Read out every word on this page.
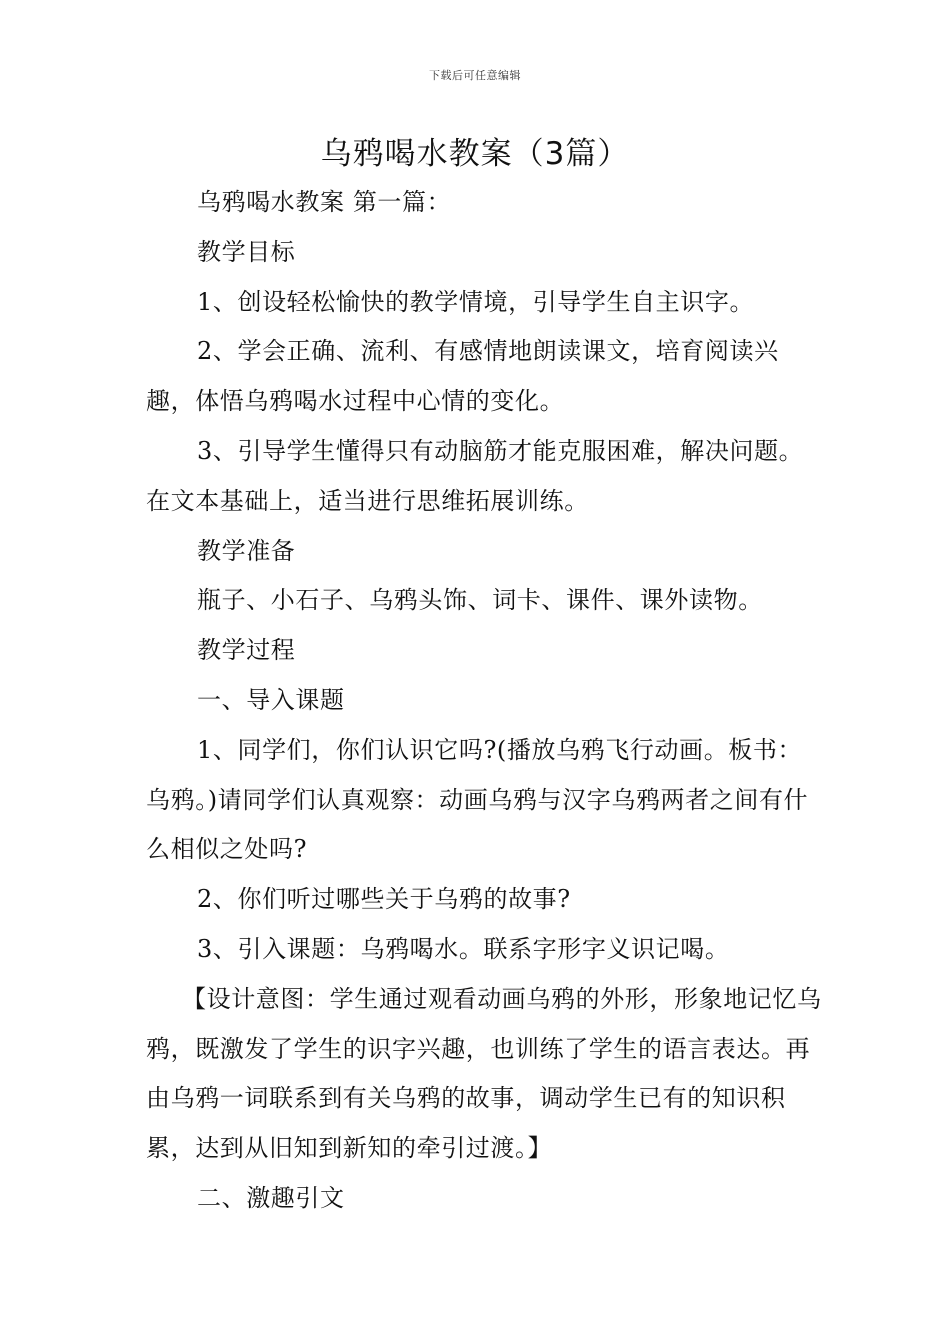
下载后可任意编辑
乌鸦喝水教案（3篇）

乌鸦喝水教案 第一篇：

教学目标

1、创设轻松愉快的教学情境，引导学生自主识字。

2、学会正确、流利、有感情地朗读课文，培育阅读兴趣，体悟乌鸦喝水过程中心情的变化。

3、引导学生懂得只有动脑筋才能克服困难，解决问题。在文本基础上，适当进行思维拓展训练。

教学准备

瓶子、小石子、乌鸦头饰、词卡、课件、课外读物。

教学过程

一、导入课题

1、同学们，你们认识它吗?(播放乌鸦飞行动画。板书：乌鸦。)请同学们认真观察：动画乌鸦与汉字乌鸦两者之间有什么相似之处吗?

2、你们听过哪些关于乌鸦的故事?

3、引入课题：乌鸦喝水。联系字形字义识记喝。

【设计意图：学生通过观看动画乌鸦的外形，形象地记忆乌鸦，既激发了学生的识字兴趣，也训练了学生的语言表达。再由乌鸦一词联系到有关乌鸦的故事，调动学生已有的知识积累，达到从旧知到新知的牵引过渡。】

二、激趣引文
